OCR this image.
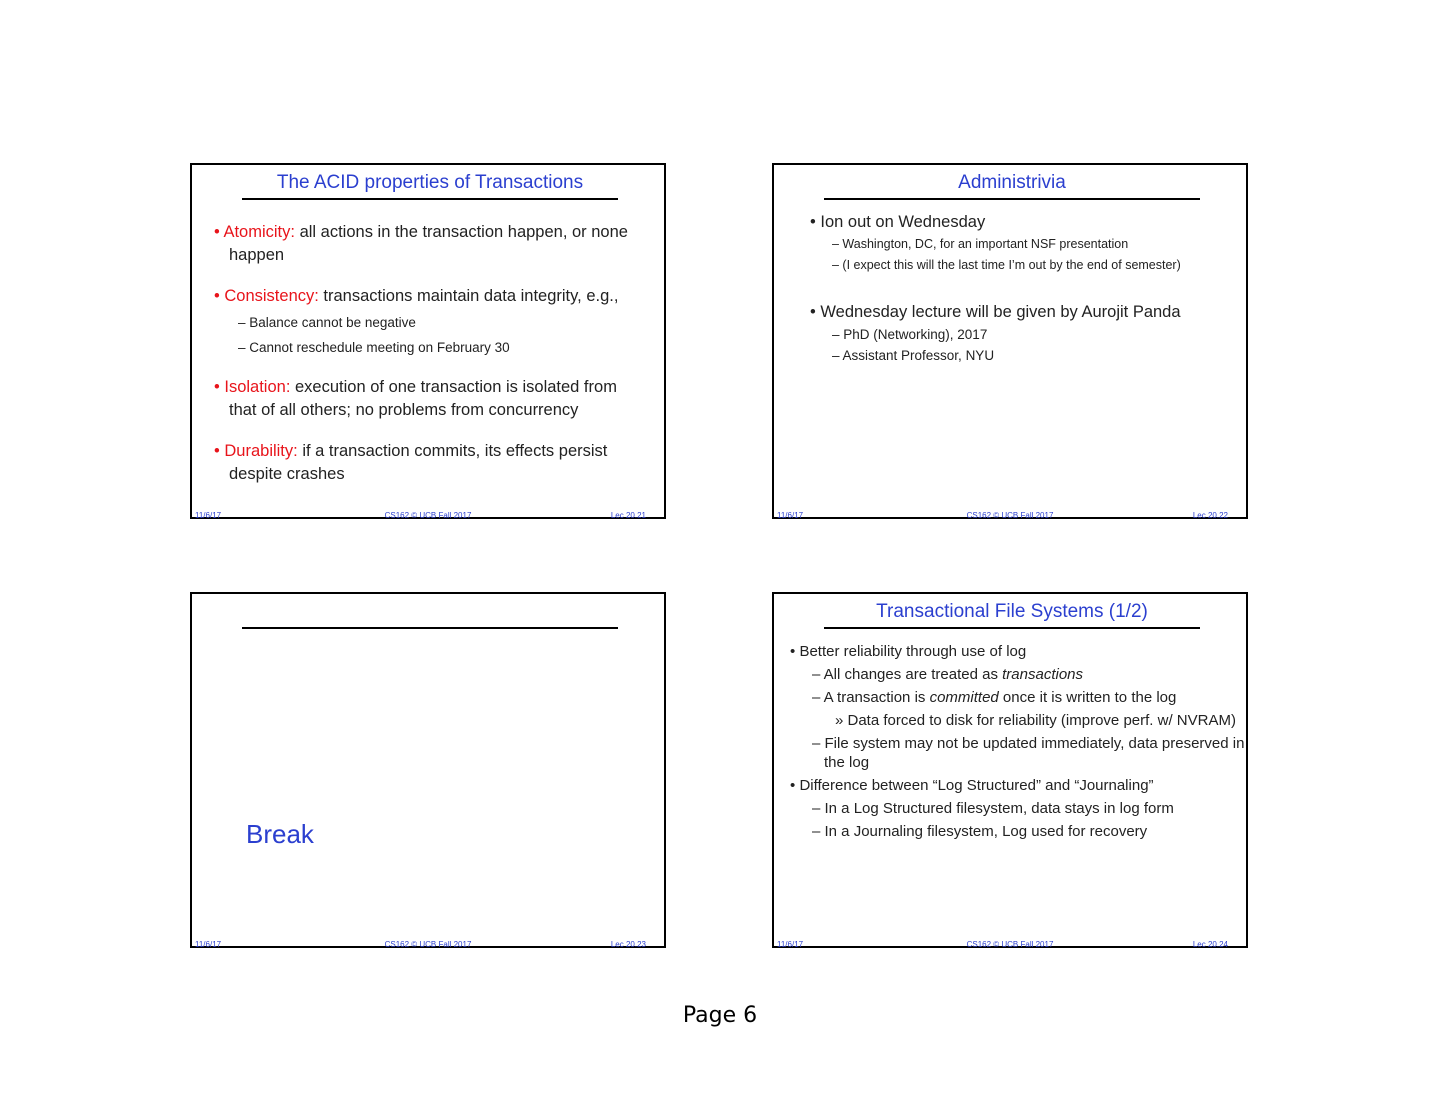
The ACID properties of Transactions
• Atomicity: all actions in the transaction happen, or none
happen
• Consistency: transactions maintain data integrity, e.g.,
– Balance cannot be negative
– Cannot reschedule meeting on February 30
• Isolation: execution of one transaction is isolated from
that of all others; no problems from concurrency
• Durability: if a transaction commits, its effects persist
despite crashes
11/6/17	CS162 © UCB Fall 2017	Lec 20.21
Administrivia
• Ion out on Wednesday
– Washington, DC, for an important NSF presentation
– (I expect this will the last time I’m out by the end of semester)
• Wednesday lecture will be given by Aurojit Panda
– PhD (Networking), 2017
– Assistant Professor, NYU
11/6/17	CS162 © UCB Fall 2017	Lec 20.22
Break
11/6/17	CS162 © UCB Fall 2017	Lec 20.23
Transactional File Systems (1/2)
• Better reliability through use of log
– All changes are treated as transactions
– A transaction is committed once it is written to the log
» Data forced to disk for reliability (improve perf. w/ NVRAM)
– File system may not be updated immediately, data preserved in
the log
• Difference between “Log Structured” and “Journaling”
– In a Log Structured filesystem, data stays in log form
– In a Journaling filesystem, Log used for recovery
11/6/17	CS162 © UCB Fall 2017	Lec 20.24
Page 6
